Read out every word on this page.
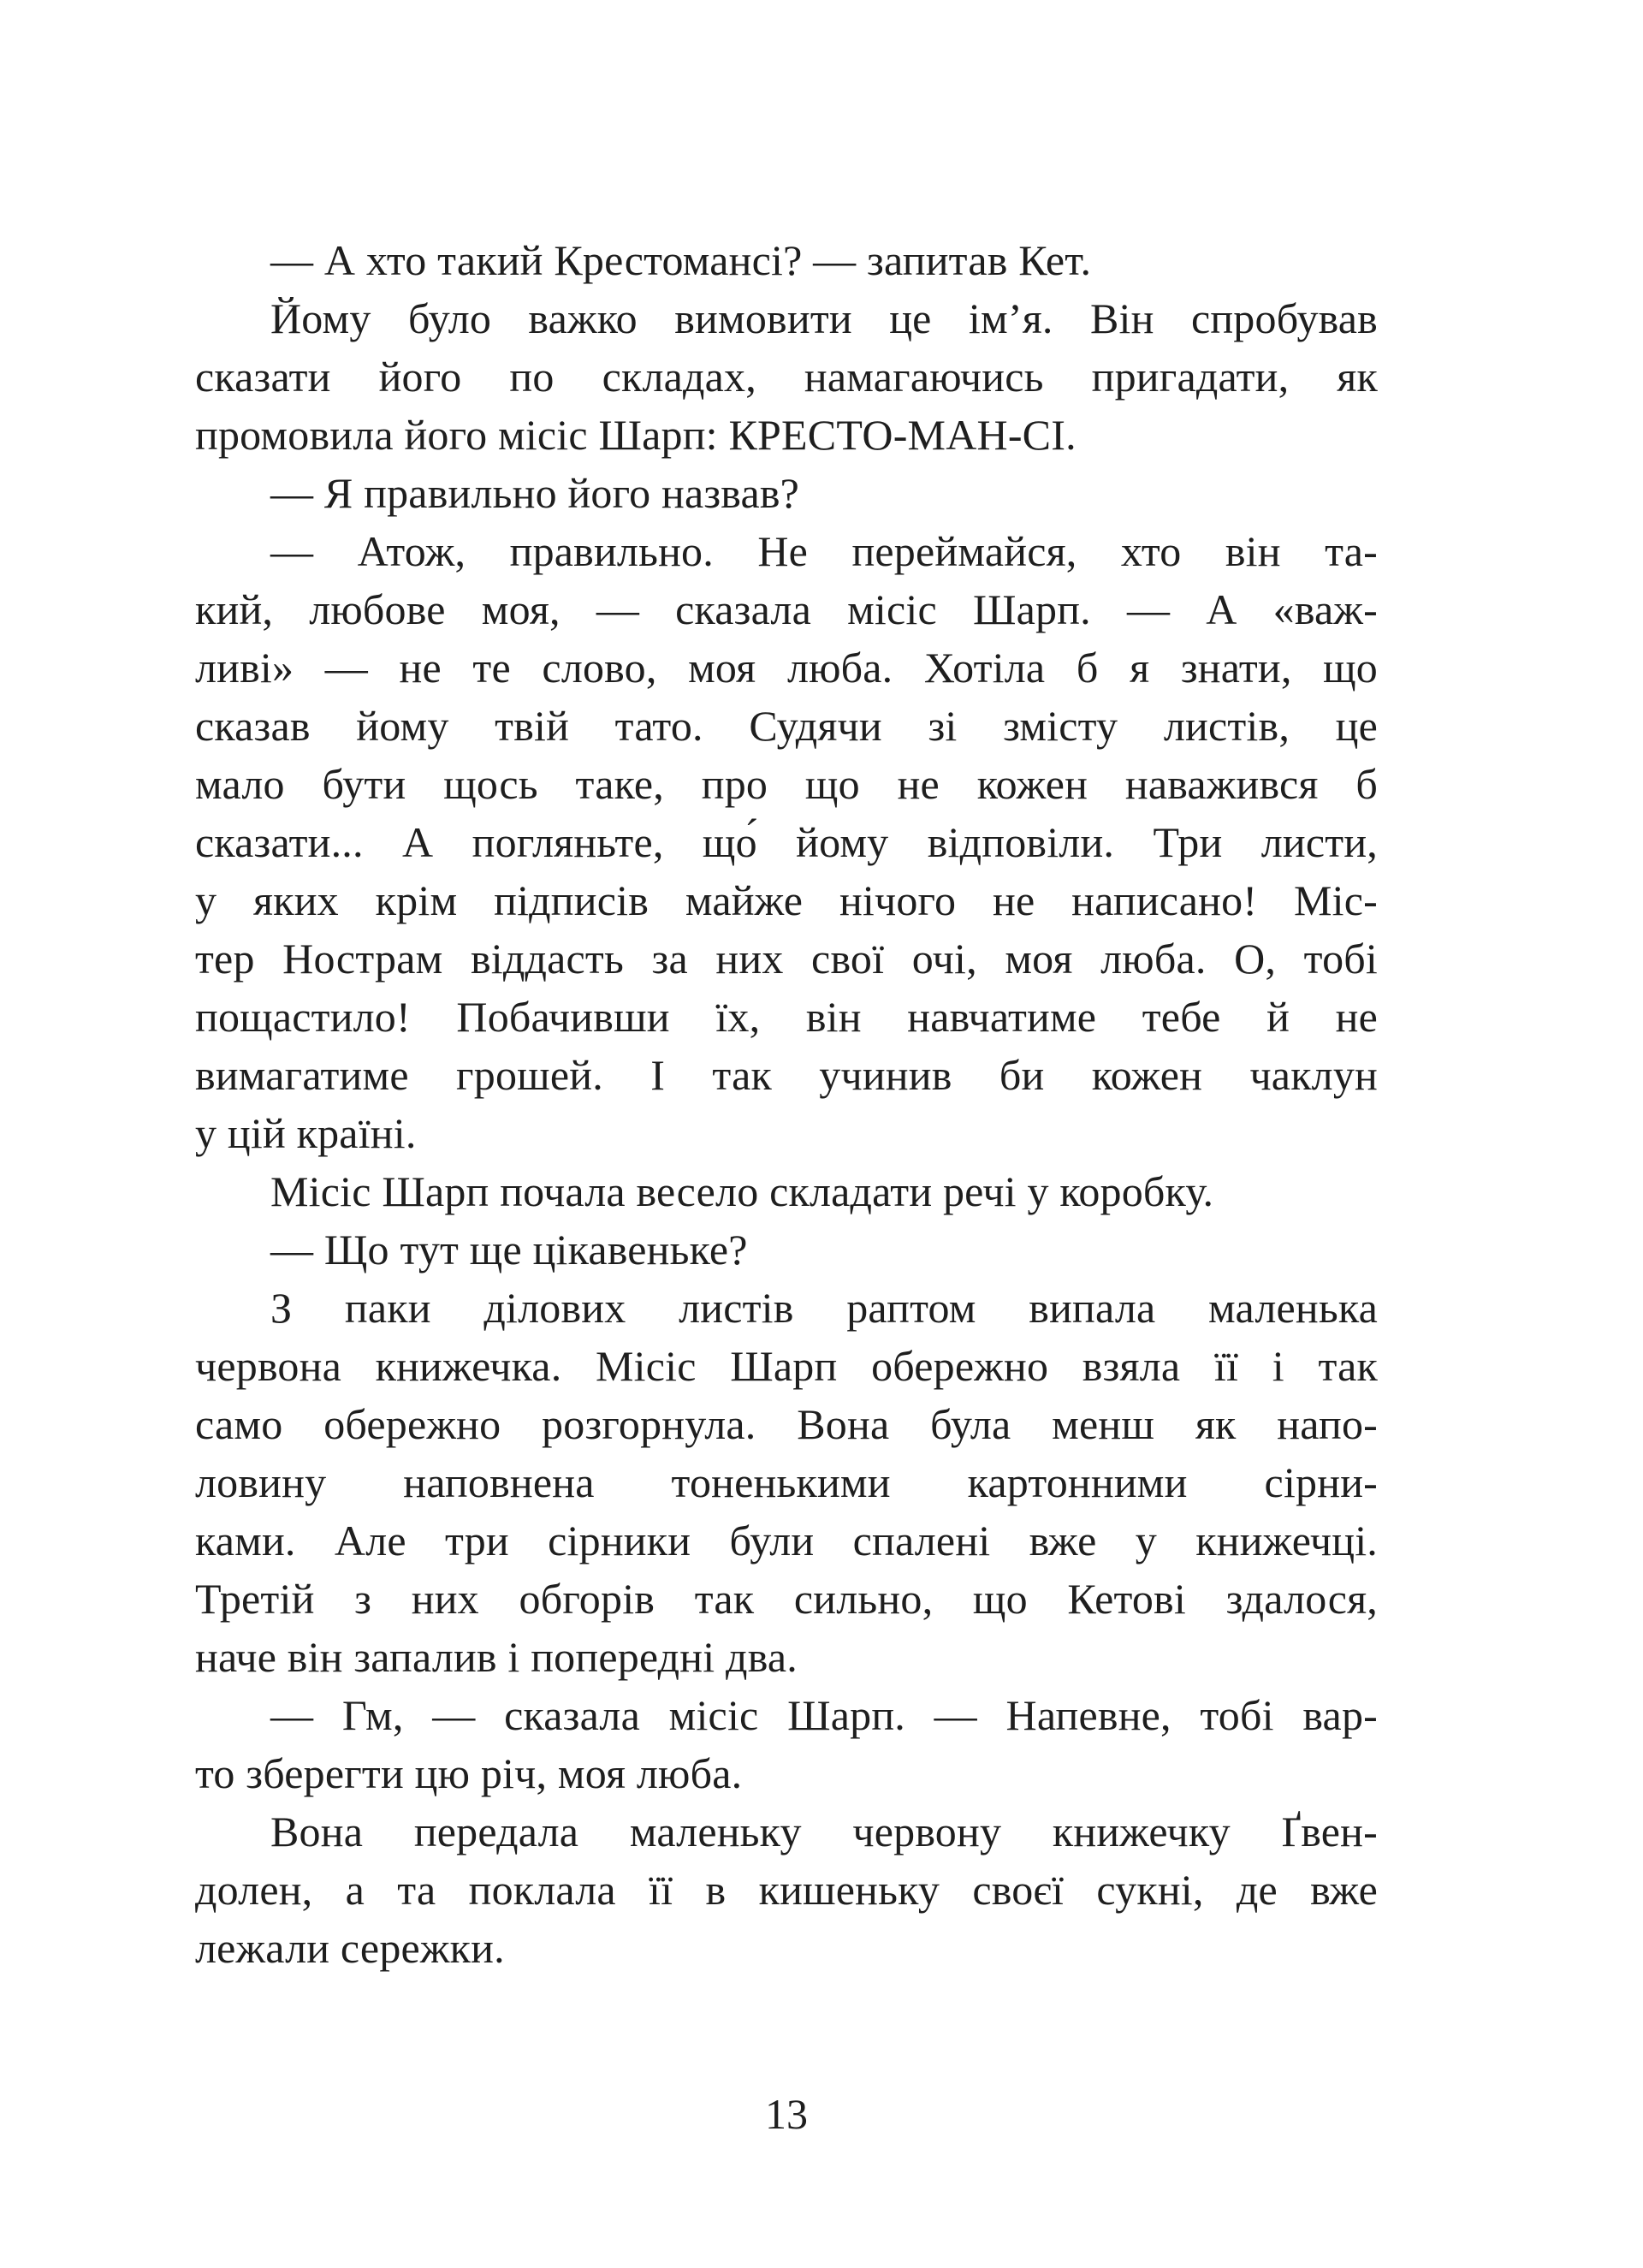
— А хто такий Крестомансі? — запитав Кет.
Йому було важко вимовити це ім’я. Він спробував
сказати його по складах, намагаючись пригадати, як
промовила його місіс Шарп: КРЕСТО-МАН-СІ.
— Я правильно його назвав?
— Атож, правильно. Не переймайся, хто він та-
кий, любове моя, — сказала місіс Шарп. — А «важ-
ливі» — не те слово, моя люба. Хотіла б я знати, що
сказав йому твій тато. Судячи зі змісту листів, це
мало бути щось таке, про що не кожен наважився б
сказати... А погляньте, що́ йому відповіли. Три листи,
у яких крім підписів майже нічого не написано! Міс-
тер Нострам віддасть за них свої очі, моя люба. О, тобі
пощастило! Побачивши їх, він навчатиме тебе й не
вимагатиме грошей. І так учинив би кожен чаклун
у цій країні.
Місіс Шарп почала весело складати речі у коробку.
— Що тут ще цікавеньке?
З паки ділових листів раптом випала маленька
червона книжечка. Місіс Шарп обережно взяла її і так
само обережно розгорнула. Вона була менш як напо-
ловину наповнена тоненькими картонними сірни-
ками. Але три сірники були спалені вже у книжечці.
Третій з них обгорів так сильно, що Кетові здалося,
наче він запалив і попередні два.
— Гм, — сказала місіс Шарп. — Напевне, тобі вар-
то зберегти цю річ, моя люба.
Вона передала маленьку червону книжечку Ґвен-
долен, а та поклала її в кишеньку своєї сукні, де вже
лежали сережки.
13
